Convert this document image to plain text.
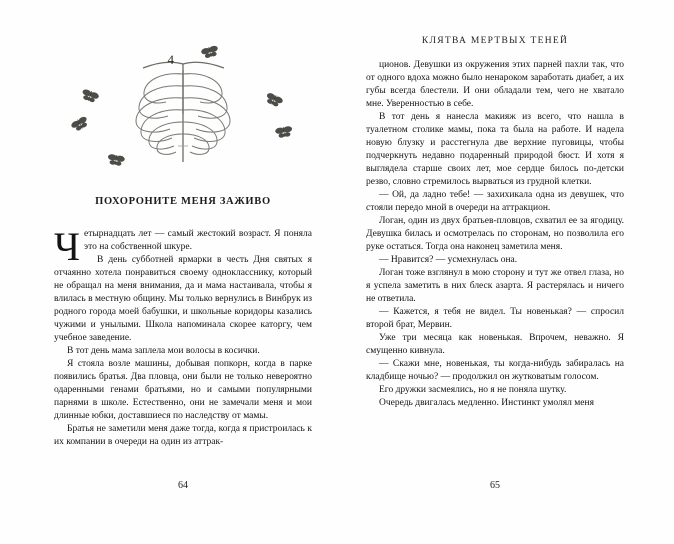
4
ПОХОРОНИТЕ МЕНЯ ЗАЖИВО

Четырнадцать лет — самый жестокий возраст. Я поняла это на собственной шкуре.

В день субботней ярмарки в честь Дня святых я отчаянно хотела понравиться своему однокласснику, который не обращал на меня внимания, да и мама настаивала, чтобы я влилась в местную общину. Мы только вернулись в Винбрук из родного города моей бабушки, и школьные коридоры казались чужими и унылыми. Школа напоминала скорее каторгу, чем учебное заведение.

В тот день мама заплела мои волосы в косички.

Я стояла возле машины, добывая попкорн, когда в парке появились братья. Два пловца, они были не только невероятно одаренными генами братьями, но и самыми популярными парнями в школе. Естественно, они не замечали меня и мои длинные юбки, доставшиеся по наследству от мамы.

Братья не заметили меня даже тогда, когда я пристроилась к их компании в очереди на один из аттрак-

64
КЛЯТВА МЕРТВЫХ ТЕНЕЙ

ционов. Девушки из окружения этих парней пахли так, что от одного вдоха можно было ненароком заработать диабет, а их губы всегда блестели. И они обладали тем, чего не хватало мне. Уверенностью в себе.

В тот день я нанесла макияж из всего, что нашла в туалетном столике мамы, пока та была на работе. И надела новую блузку и расстегнула две верхние пуговицы, чтобы подчеркнуть недавно подаренный природой бюст. И хотя я выглядела старше своих лет, мое сердце билось по-детски резво, словно стремилось вырваться из грудной клетки.

— Ой, да ладно тебе! — захихикала одна из девушек, что стояли передо мной в очереди на аттракцион.

Логан, один из двух братьев-пловцов, схватил ее за ягодицу. Девушка билась и осмотрелась по сторонам, но позволила его руке остаться. Тогда она наконец заметила меня.

— Нравится? — усмехнулась она.

Логан тоже взглянул в мою сторону и тут же отвел глаза, но я успела заметить в них блеск азарта. Я растерялась и ничего не ответила.

— Кажется, я тебя не видел. Ты новенькая? — спросил второй брат, Мервин.

Уже три месяца как новенькая. Впрочем, неважно. Я смущенно кивнула.

— Скажи мне, новенькая, ты когда-нибудь забиралась на кладбище ночью? — продолжил он жутковатым голосом.

Его дружки засмеялись, но я не поняла шутку.

Очередь двигалась медленно. Инстинкт умолял меня

65
